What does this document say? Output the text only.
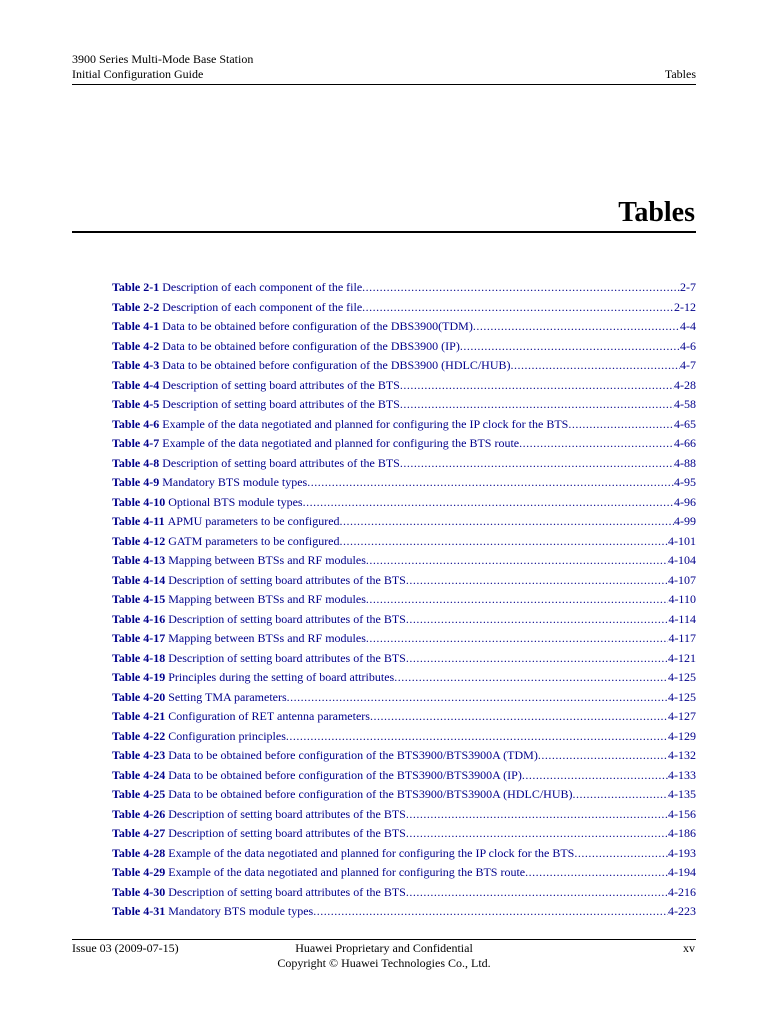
3900 Series Multi-Mode Base Station
Initial Configuration Guide	Tables
Tables
Table 2-1
Description of each component of the file .....	2-7
Table 2-2
Description of each component of the file .....	2-12
Table 4-1
Data to be obtained before configuration of the DBS3900(TDM) .....	4-4
Table 4-2
Data to be obtained before configuration of the DBS3900 (IP) .....	4-6
Table 4-3
Data to be obtained before configuration of the DBS3900 (HDLC/HUB) .....	4-7
Table 4-4
Description of setting board attributes of the BTS .....	4-28
Table 4-5
Description of setting board attributes of the BTS .....	4-58
Table 4-6
Example of the data negotiated and planned for configuring the IP clock for the BTS .....	4-65
Table 4-7
Example of the data negotiated and planned for configuring the BTS route .....	4-66
Table 4-8
Description of setting board attributes of the BTS .....	4-88
Table 4-9
Mandatory BTS module types .....	4-95
Table 4-10
Optional BTS module types .....	4-96
Table 4-11
APMU parameters to be configured .....	4-99
Table 4-12
GATM parameters to be configured .....	4-101
Table 4-13
Mapping between BTSs and RF modules .....	4-104
Table 4-14
Description of setting board attributes of the BTS .....	4-107
Table 4-15
Mapping between BTSs and RF modules .....	4-110
Table 4-16
Description of setting board attributes of the BTS .....	4-114
Table 4-17
Mapping between BTSs and RF modules .....	4-117
Table 4-18
Description of setting board attributes of the BTS .....	4-121
Table 4-19
Principles during the setting of board attributes .....	4-125
Table 4-20
Setting TMA parameters .....	4-125
Table 4-21
Configuration of RET antenna parameters .....	4-127
Table 4-22
Configuration principles .....	4-129
Table 4-23
Data to be obtained before configuration of the BTS3900/BTS3900A (TDM) .....	4-132
Table 4-24
Data to be obtained before configuration of the BTS3900/BTS3900A (IP) .....	4-133
Table 4-25
Data to be obtained before configuration of the BTS3900/BTS3900A (HDLC/HUB) .....	4-135
Table 4-26
Description of setting board attributes of the BTS .....	4-156
Table 4-27
Description of setting board attributes of the BTS .....	4-186
Table 4-28
Example of the data negotiated and planned for configuring the IP clock for the BTS .....	4-193
Table 4-29
Example of the data negotiated and planned for configuring the BTS route .....	4-194
Table 4-30
Description of setting board attributes of the BTS .....	4-216
Table 4-31
Mandatory BTS module types .....	4-223
Issue 03 (2009-07-15)	Huawei Proprietary and Confidential
Copyright © Huawei Technologies Co., Ltd.
xv
